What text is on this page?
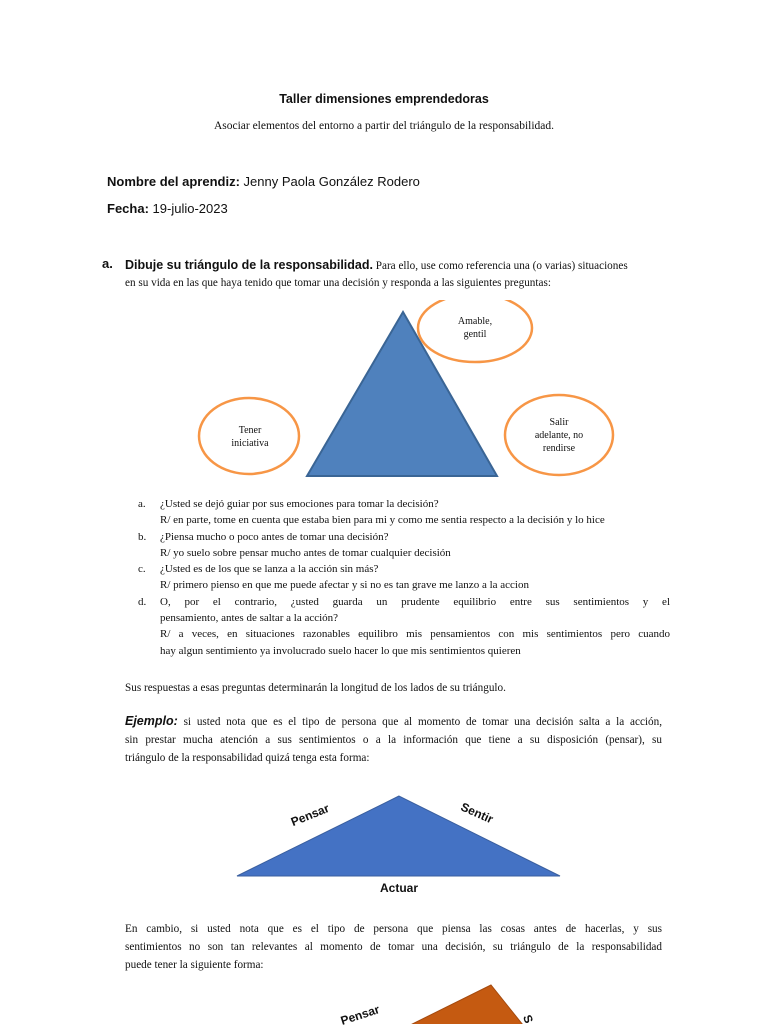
Taller dimensiones emprendedoras
Asociar elementos del entorno a partir del triángulo de la responsabilidad.
Nombre del aprendiz: Jenny Paola González Rodero
Fecha: 19-julio-2023
a. Dibuje su triángulo de la responsabilidad. Para ello, use como referencia una (o varias) situaciones
en su vida en las que haya tenido que tomar una decisión y responda a las siguientes preguntas:
Amable,
gentil
Tener
iniciativa
Salir
adelante, no
rendirse
a. ¿Usted se dejó guiar por sus emociones para tomar la decisión?
R/ en parte, tome en cuenta que estaba bien para mi y como me sentia respecto a la decisión y lo hice
b. ¿Piensa mucho o poco antes de tomar una decisión?
R/ yo suelo sobre pensar mucho antes de tomar cualquier decisión
c. ¿Usted es de los que se lanza a la acción sin más?
R/ primero pienso en que me puede afectar y si no es tan grave me lanzo a la accion
d. O, por el contrario, ¿usted guarda un prudente equilibrio entre sus sentimientos y el
pensamiento, antes de saltar a la acción?
R/ a veces, en situaciones razonables equilibro mis pensamientos con mis sentimientos pero cuando
hay algun sentimiento ya involucrado suelo hacer lo que mis sentimientos quieren
Sus respuestas a esas preguntas determinarán la longitud de los lados de su triángulo.
Ejemplo: si usted nota que es el tipo de persona que al momento de tomar una decisión salta a la acción,
sin prestar mucha atención a sus sentimientos o a la información que tiene a su disposición (pensar), su
triángulo de la responsabilidad quizá tenga esta forma:
Pensar	Sentir
Actuar
En cambio, si usted nota que es el tipo de persona que piensa las cosas antes de hacerlas, y sus
sentimientos no son tan relevantes al momento de tomar una decisión, su triángulo de la responsabilidad
puede tener la siguiente forma:
Pensar	S
